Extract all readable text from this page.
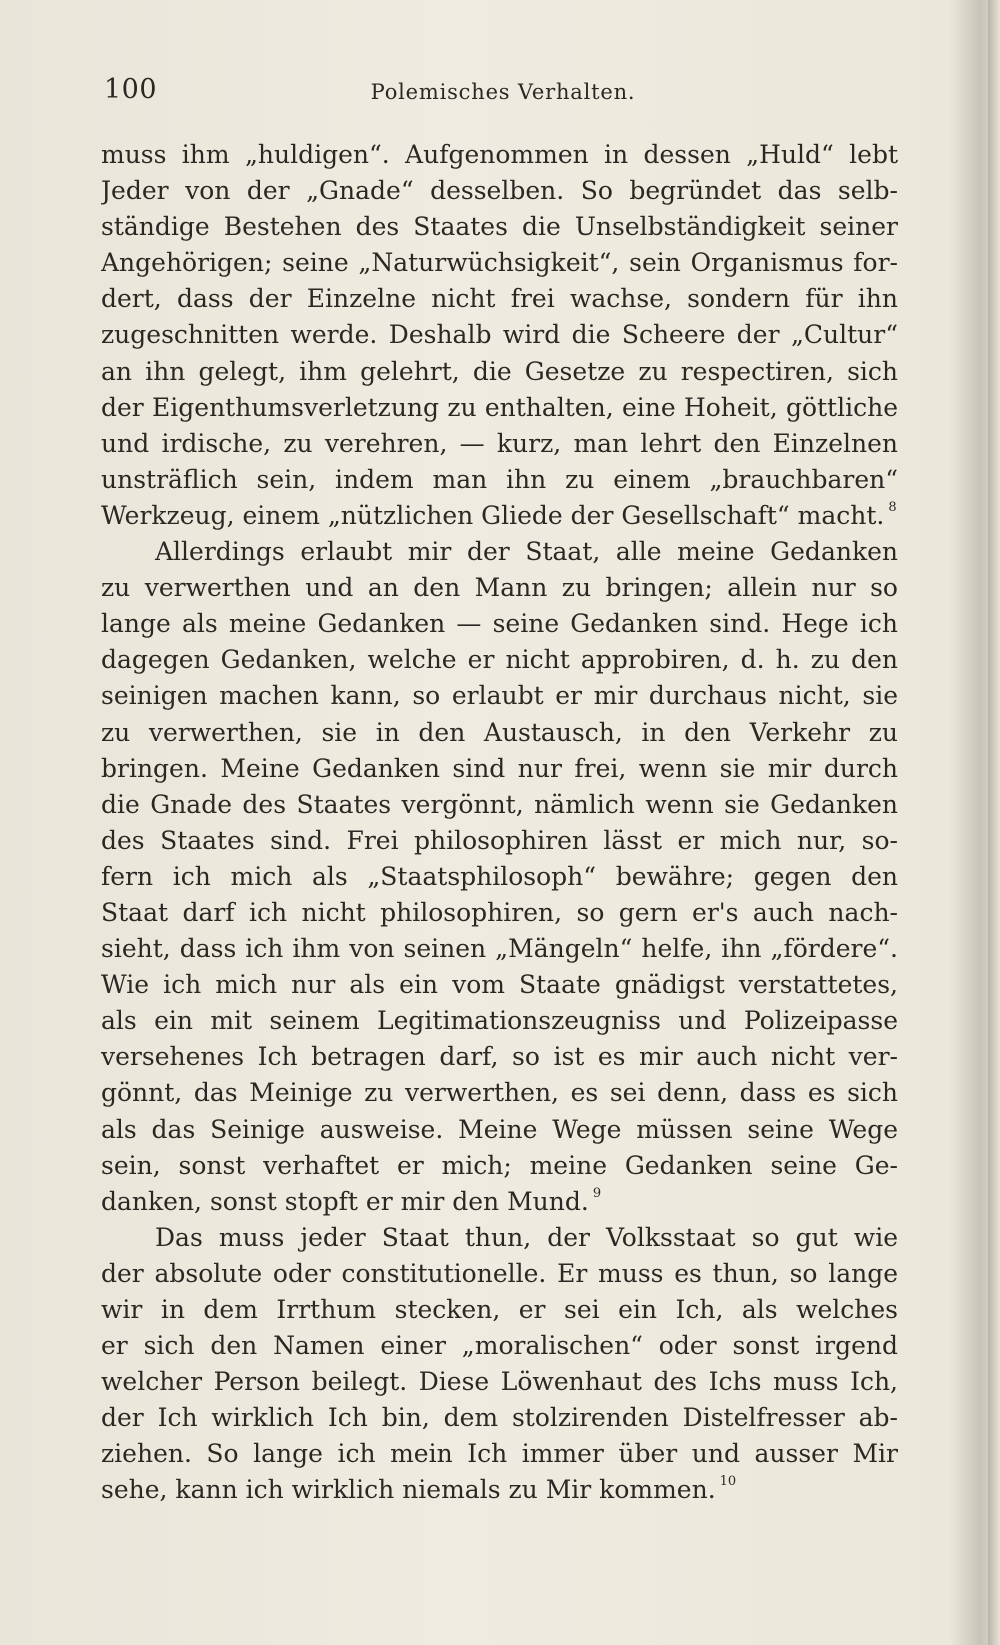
100	Polemisches Verhalten.
muss ihm „huldigen“. Aufgenommen in dessen „Huld“ lebt
Jeder von der „Gnade“ desselben. So begründet das selb-
ständige Bestehen des Staates die Unselbständigkeit seiner
Angehörigen; seine „Naturwüchsigkeit“, sein Organismus for-
dert, dass der Einzelne nicht frei wachse, sondern für ihn
zugeschnitten werde. Deshalb wird die Scheere der „Cultur“
an ihn gelegt, ihm gelehrt, die Gesetze zu respectiren, sich
der Eigenthumsverletzung zu enthalten, eine Hoheit, göttliche
und irdische, zu verehren, — kurz, man lehrt den Einzelnen
unsträflich sein, indem man ihn zu einem „brauchbaren“
Werkzeug, einem „nützlichen Gliede der Gesellschaft“ macht. $^8$
Allerdings erlaubt mir der Staat, alle meine Gedanken
zu verwerthen und an den Mann zu bringen; allein nur so
lange als meine Gedanken — seine Gedanken sind. Hege ich
dagegen Gedanken, welche er nicht approbiren, d. h. zu den
seinigen machen kann, so erlaubt er mir durchaus nicht, sie
zu verwerthen, sie in den Austausch, in den Verkehr zu
bringen. Meine Gedanken sind nur frei, wenn sie mir durch
die Gnade des Staates vergönnt, nämlich wenn sie Gedanken
des Staates sind. Frei philosophiren lässt er mich nur, so-
fern ich mich als „Staatsphilosoph“ bewähre; gegen den
Staat darf ich nicht philosophiren, so gern er's auch nach-
sieht, dass ich ihm von seinen „Mängeln“ helfe, ihn „fördere“.
Wie ich mich nur als ein vom Staate gnädigst verstattetes,
als ein mit seinem Legitimationszeugniss und Polizeipasse
versehenes Ich betragen darf, so ist es mir auch nicht ver-
gönnt, das Meinige zu verwerthen, es sei denn, dass es sich
als das Seinige ausweise. Meine Wege müssen seine Wege
sein, sonst verhaftet er mich; meine Gedanken seine Ge-
danken, sonst stopft er mir den Mund. $^9$
Das muss jeder Staat thun, der Volksstaat so gut wie
der absolute oder constitutionelle. Er muss es thun, so lange
wir in dem Irrthum stecken, er sei ein Ich, als welches
er sich den Namen einer „moralischen“ oder sonst irgend
welcher Person beilegt. Diese Löwenhaut des Ichs muss Ich,
der Ich wirklich Ich bin, dem stolzirenden Distelfresser ab-
ziehen. So lange ich mein Ich immer über und ausser Mir
sehe, kann ich wirklich niemals zu Mir kommen. $^{10}$
